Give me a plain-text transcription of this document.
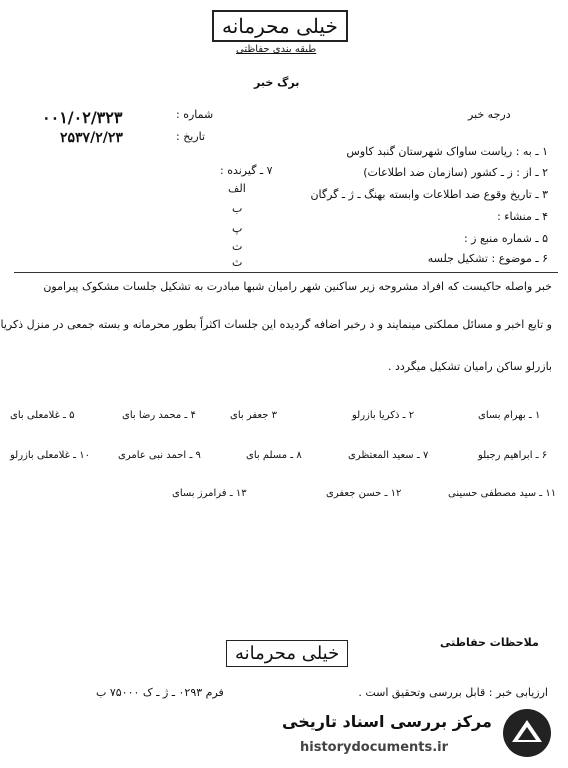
خیلی محرمانه
طبقه بندی حفاظتی
برگ خبر
۰۰۱/۰۲/۳۲۳	شماره :
۲۵۳۷/۲/۲۳	تاریخ :
درجه خبر
۱ ـ به : ریاست ساواک شهرستان گنبد کاوس
۲ ـ از : ز ـ کشور (سازمان ضد اطلاعات)
۷ ـ گیرنده :
۳ ـ تاریخ وقوع ضد اطلاعات وابسته بهنگ ـ ژ ـ گرگان
۴ ـ منشاء :
۵ ـ شماره منبع ز :
۶ ـ موضوع : تشکیل جلسه
الف
ب
پ
ت
ث
خبر واصله حاکیست که افراد مشروحه زیر ساکنین شهر رامیان شبها مبادرت به تشکیل جلسات مشکوک پیرامون
و تایع اخبر و مسائل مملکتی مینمایند و د رخبر اضافه گردیده این جلسات اکثراً بطور محرمانه و بسته جمعی در منزل ذکریا
بازرلو ساکن رامیان تشکیل میگردد .
۱ ـ بهرام بسای
۲ ـ ذکریا بازرلو
۳ جعفر بای
۴ ـ محمد رضا بای
۵ ـ غلامعلی بای
۶ ـ ابراهیم رجبلو
۷ ـ سعید المعتظری
۸ ـ مسلم بای
۹ ـ احمد نبی عامری
۱۰ ـ غلامعلی بازرلو
۱۱ ـ سید مصطفی حسینی
۱۲ ـ حسن جعفری
۱۳ ـ فرامرز بسای
ملاحظات حفاظتی
خیلی محرمانه
ارزیابی خبر : قابل بررسی وتحقیق است .
فرم ۰۲۹۳ ـ ژ ـ ک ۷۵۰۰۰ ب
مرکز بررسی اسناد تاریخی
historydocuments.ir
